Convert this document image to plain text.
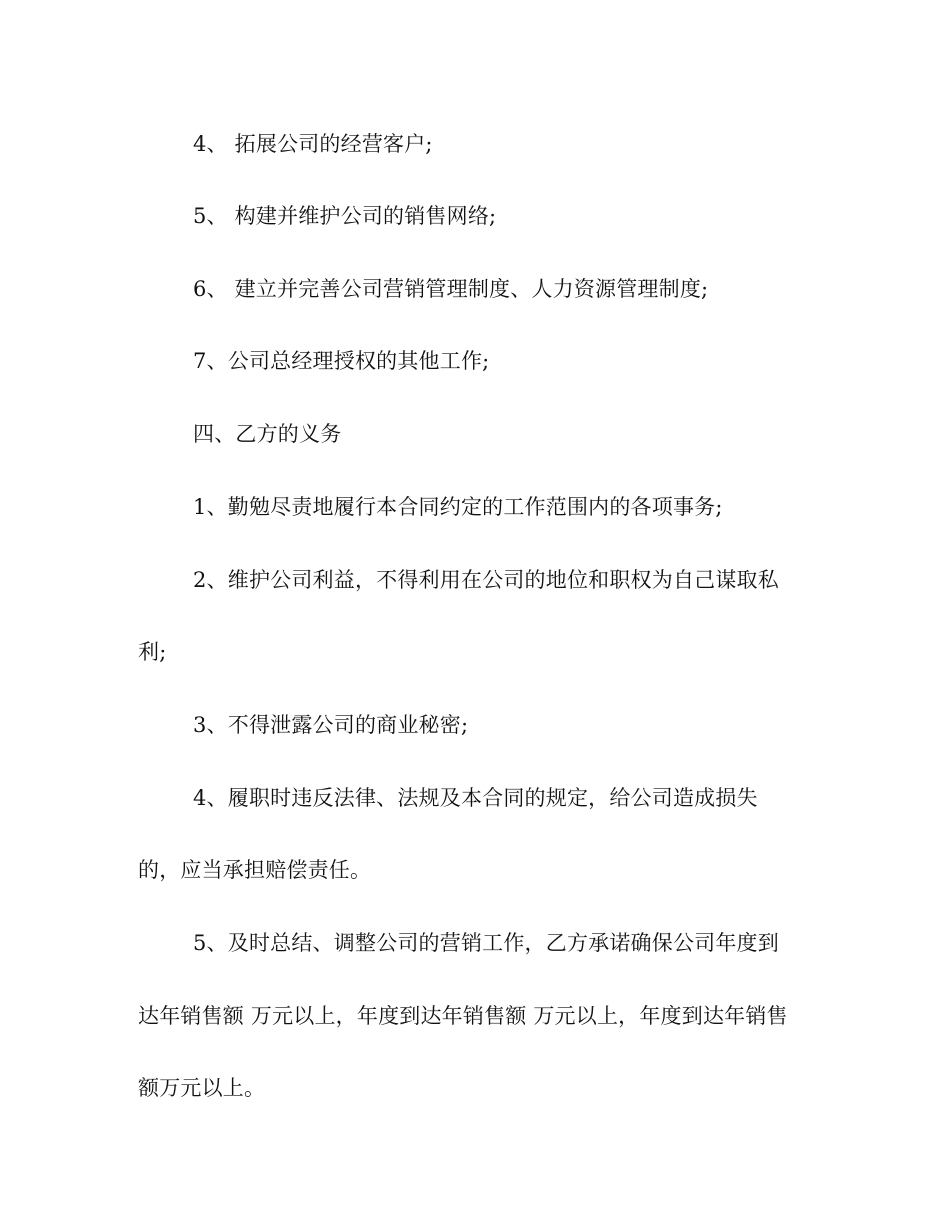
4、 拓展公司的经营客户;
5、 构建并维护公司的销售网络;
6、 建立并完善公司营销管理制度、人力资源管理制度;
7、公司总经理授权的其他工作;
四、乙方的义务
1、勤勉尽责地履行本合同约定的工作范围内的各项事务;
2、维护公司利益，不得利用在公司的地位和职权为自己谋取私
利;
3、不得泄露公司的商业秘密;
4、履职时违反法律、法规及本合同的规定，给公司造成损失
的，应当承担赔偿责任。
5、及时总结、调整公司的营销工作，乙方承诺确保公司年度到
达年销售额 万元以上，年度到达年销售额 万元以上，年度到达年销售
额万元以上。
